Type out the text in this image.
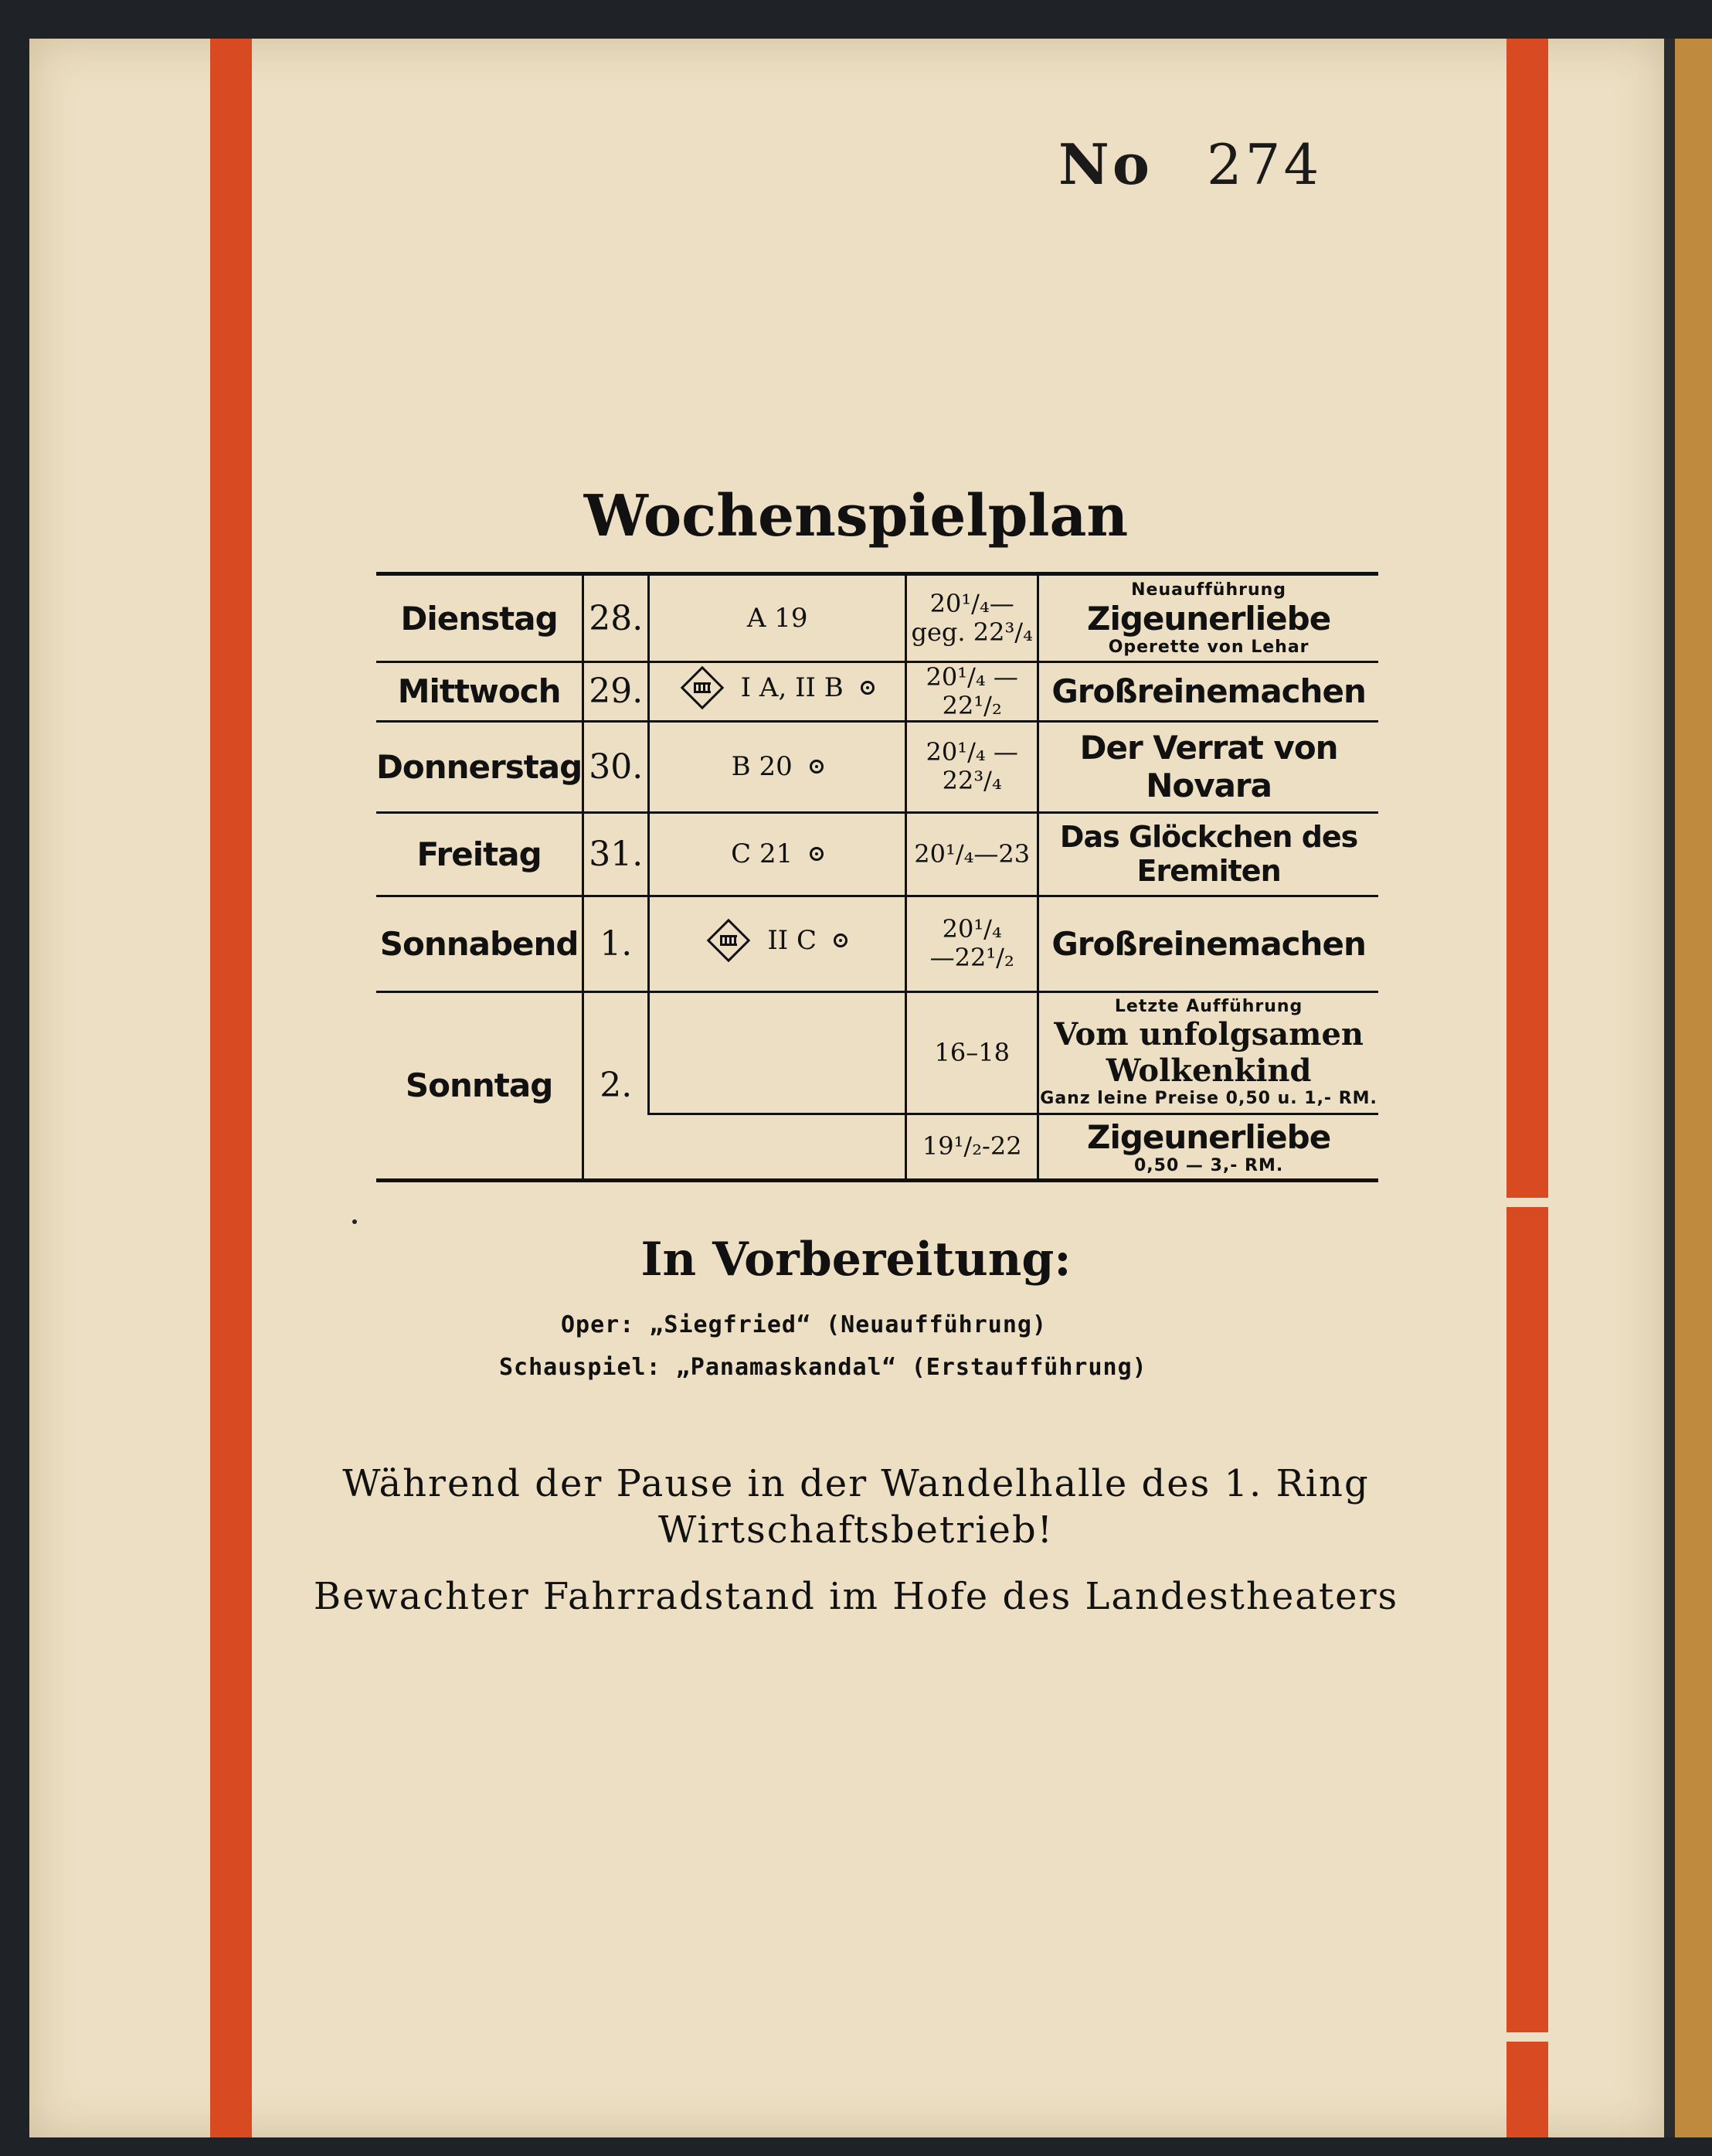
No 274
Wochenspielplan
Dienstag	28.	A 19	20¹/₄—
geg. 22³/₄	Neuaufführung
Zigeunerliebe
Operette von Lehar

Mittwoch	29.	I A, II B	20¹/₄ —
22¹/₂	Großreinemachen

Donnerstag	30.	B 20	20¹/₄ —
22³/₄	Der Verrat von Novara

Freitag	31.	C 21	20¹/₄—23	Das Glöckchen des Eremiten

Sonnabend	1.	II C	20¹/₄
—22¹/₂	Großreinemachen

Sonntag	2.		16–18	Letzte Aufführung
Vom unfolgsamen
Wolkenkind
Ganz leine Preise 0,50 u. 1,- RM.

			19¹/₂-22	Zigeunerliebe
0,50 — 3,- RM.
In Vorbereitung:
Oper: „Siegfried“ (Neuaufführung)
Schauspiel: „Panamaskandal“ (Erstaufführung)
Während der Pause in der Wandelhalle des 1. Ring
Wirtschaftsbetrieb!
Bewachter Fahrradstand im Hofe des Landestheaters
